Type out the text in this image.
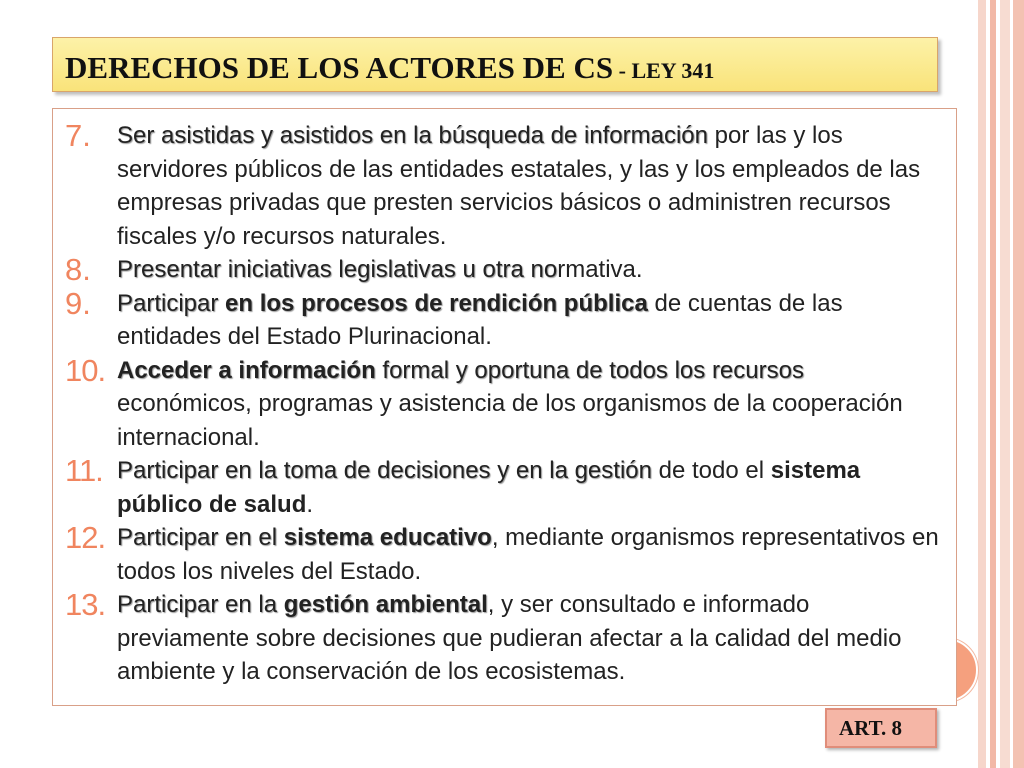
DERECHOS DE LOS ACTORES DE CS - LEY 341
7.	Ser asistidas y asistidos en la búsqueda de información por las y los servidores públicos de las entidades estatales, y las y los empleados de las empresas privadas que presten servicios básicos o administren recursos fiscales y/o recursos naturales.
8.	Presentar iniciativas legislativas u otra normativa.
9.	Participar en los procesos de rendición pública de cuentas de las entidades del Estado Plurinacional.
10. Acceder a información formal y oportuna de todos los recursos económicos, programas y asistencia de los organismos de la cooperación internacional.
11. Participar en la toma de decisiones y en la gestión de todo el sistema público de salud.
12. Participar en el sistema educativo, mediante organismos representativos en todos los niveles del Estado.
13. Participar en la gestión ambiental, y ser consultado e informado previamente sobre decisiones que pudieran afectar a la calidad del medio ambiente y la conservación de los ecosistemas.
ART. 8
